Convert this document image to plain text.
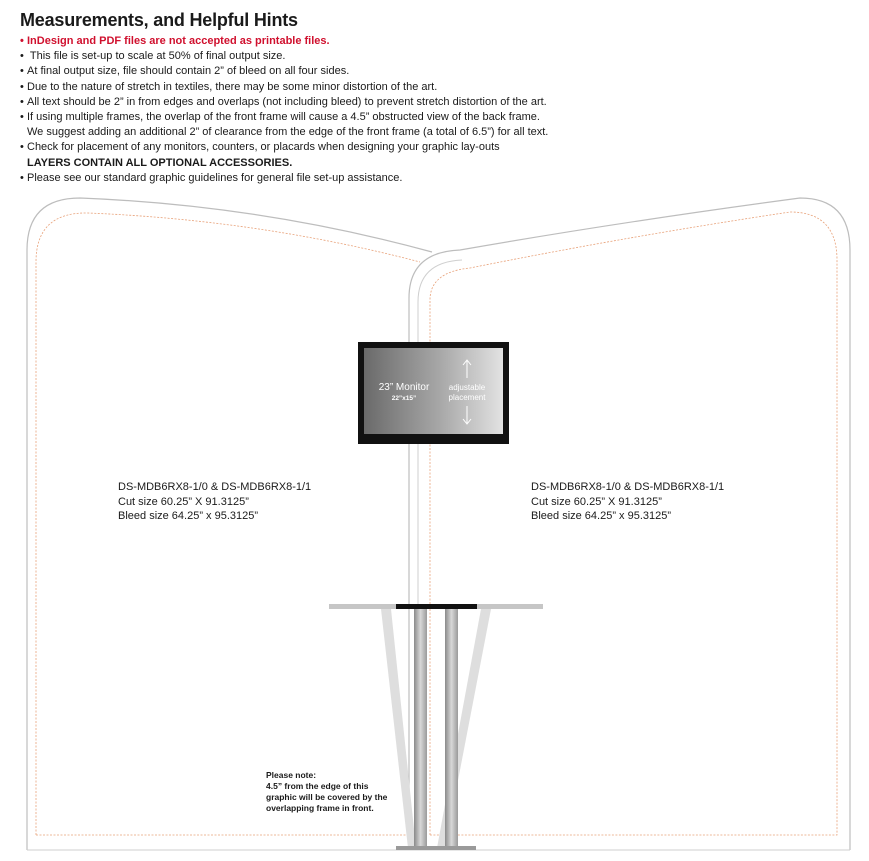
Measurements, and Helpful Hints
• InDesign and PDF files are not accepted as printable files.
• This file is set-up to scale at 50% of final output size.
• At final output size, file should contain 2” of bleed on all four sides.
• Due to the nature of stretch in textiles, there may be some minor distortion of the art.
• All text should be 2” in from edges and overlaps (not including bleed) to prevent stretch distortion of the art.
• If using multiple frames, the overlap of the front frame will cause a 4.5” obstructed view of the back frame.
We suggest adding an additional 2” of clearance from the edge of the front frame (a total of 6.5”) for all text.
• Check for placement of any monitors, counters, or placards when designing your graphic lay-outs
LAYERS CONTAIN ALL OPTIONAL ACCESSORIES.
• Please see our standard graphic guidelines for general file set-up assistance.
23” Monitor
22”x15”
adjustable
placement
DS-MDB6RX8-1/0 & DS-MDB6RX8-1/1
Cut size 60.25” X 91.3125”
Bleed size 64.25” x 95.3125”
DS-MDB6RX8-1/0 & DS-MDB6RX8-1/1
Cut size 60.25” X 91.3125”
Bleed size 64.25” x 95.3125”
Please note:
4.5” from the edge of this
graphic will be covered by the
overlapping frame in front.
